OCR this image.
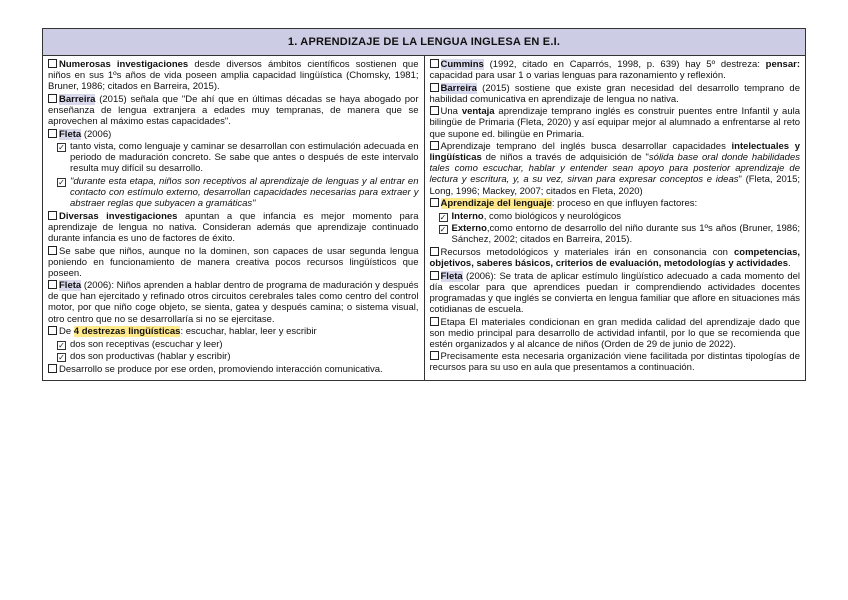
1. APRENDIZAJE DE LA LENGUA INGLESA EN E.I.

Numerosas investigaciones desde diversos ámbitos científicos sostienen que niños en sus 1ºs años de vida poseen amplia capacidad lingüística (Chomsky, 1981; Bruner, 1986; citados en Barreira, 2015).
Barreira (2015) señala que "De ahí que en últimas décadas se haya abogado por enseñanza de lengua extranjera a edades muy tempranas, de manera que se aprovechen al máximo estas capacidades".
Fleta (2006)
✓ tanto vista, como lenguaje y caminar se desarrollan con estimulación adecuada en periodo de maduración concreto. Se sabe que antes o después de este intervalo resulta muy difícil su desarrollo.
✓ "durante esta etapa, niños son receptivos al aprendizaje de lenguas y al entrar en contacto con estímulo externo, desarrollan capacidades necesarias para extraer y abstraer reglas que subyacen a gramáticas"
Diversas investigaciones apuntan a que infancia es mejor momento para aprendizaje de lengua no nativa. Consideran además que aprendizaje continuado durante infancia es uno de factores de éxito.
Se sabe que niños, aunque no la dominen, son capaces de usar segunda lengua poniendo en funcionamiento de manera creativa pocos recursos lingüísticos que poseen.
Fleta (2006): Niños aprenden a hablar dentro de programa de maduración y después de que han ejercitado y refinado otros circuitos cerebrales tales como centro del control motor, por que niño coge objeto, se sienta, gatea y después camina; o sistema visual, otro centro que no se desarrollaría si no se ejercitase.
De 4 destrezas lingüísticas: escuchar, hablar, leer y escribir
✓ dos son receptivas (escuchar y leer)
✓ dos son productivas (hablar y escribir)
Desarrollo se produce por ese orden, promoviendo interacción comunicativa.

Cummins (1992, citado en Caparrós, 1998, p. 639) hay 5º destreza: pensar: capacidad para usar 1 o varias lenguas para razonamiento y reflexión.
Barreira (2015) sostiene que existe gran necesidad del desarrollo temprano de habilidad comunicativa en aprendizaje de lengua no nativa.
Una ventaja aprendizaje temprano inglés es construir puentes entre Infantil y aula bilingüe de Primaria (Fleta, 2020) y así equipar mejor al alumnado a enfrentarse al reto que supone ed. bilingüe en Primaria.
Aprendizaje temprano del inglés busca desarrollar capacidades intelectuales y lingüísticas de niños a través de adquisición de "sólida base oral donde habilidades tales como escuchar, hablar y entender sean apoyo para posterior aprendizaje de lectura y escritura, y, a su vez, sirvan para expresar conceptos e ideas" (Fleta, 2015; Long, 1996; Mackey, 2007; citados en Fleta, 2020)
Aprendizaje del lenguaje: proceso en que influyen factores:
✓ Interno, como biológicos y neurológicos
✓ Externo,como entorno de desarrollo del niño durante sus 1ºs años (Bruner, 1986; Sánchez, 2002; citados en Barreira, 2015).
Recursos metodológicos y materiales irán en consonancia con competencias, objetivos, saberes básicos, criterios de evaluación, metodologías y actividades.
Fleta (2006): Se trata de aplicar estímulo lingüístico adecuado a cada momento del día escolar para que aprendices puedan ir comprendiendo actividades docentes programadas y que inglés se convierta en lengua familiar que aflore en situaciones más cotidianas de escuela.
Etapa El materiales condicionan en gran medida calidad del aprendizaje dado que son medio principal para desarrollo de actividad infantil, por lo que se recomienda que estén organizados y al alcance de niños (Orden de 29 de junio de 2022).
Precisamente esta necesaria organización viene facilitada por distintas tipologías de recursos para su uso en aula que presentamos a continuación.
